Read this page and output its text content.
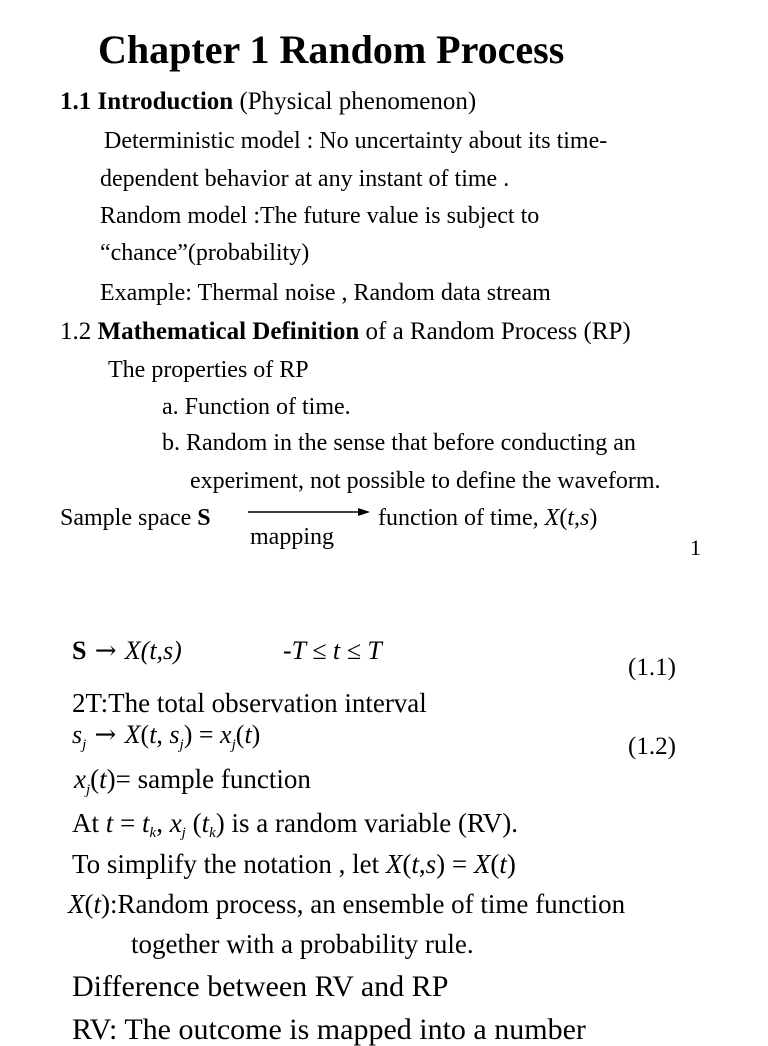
Chapter 1 Random Process
1.1 Introduction (Physical phenomenon)
Deterministic model : No uncertainty about its time-
dependent behavior at any instant of time .
Random model :The future value is subject to
“chance”(probability)
Example: Thermal noise , Random data stream
1.2 Mathematical Definition of a Random Process (RP)
The properties of RP
a. Function of time.
b. Random in the sense that before conducting an
experiment, not possible to define the waveform.
Sample space S
mapping
function of time, X(t,s)
1
S → X(t,s)	-T ≤ t ≤ T
(1.1)
2T:The total observation interval
$s_j \to X(t$, $s_j) = x_j(t)$	(1.2)
$x_j(t)=$ sample function
At t = tk, xj (tk) is a random variable (RV).
To simplify the notation , let X(t,s) = X(t)
X(t):Random process, an ensemble of time function
together with a probability rule.
Difference between RV and RP
RV: The outcome is mapped into a number
